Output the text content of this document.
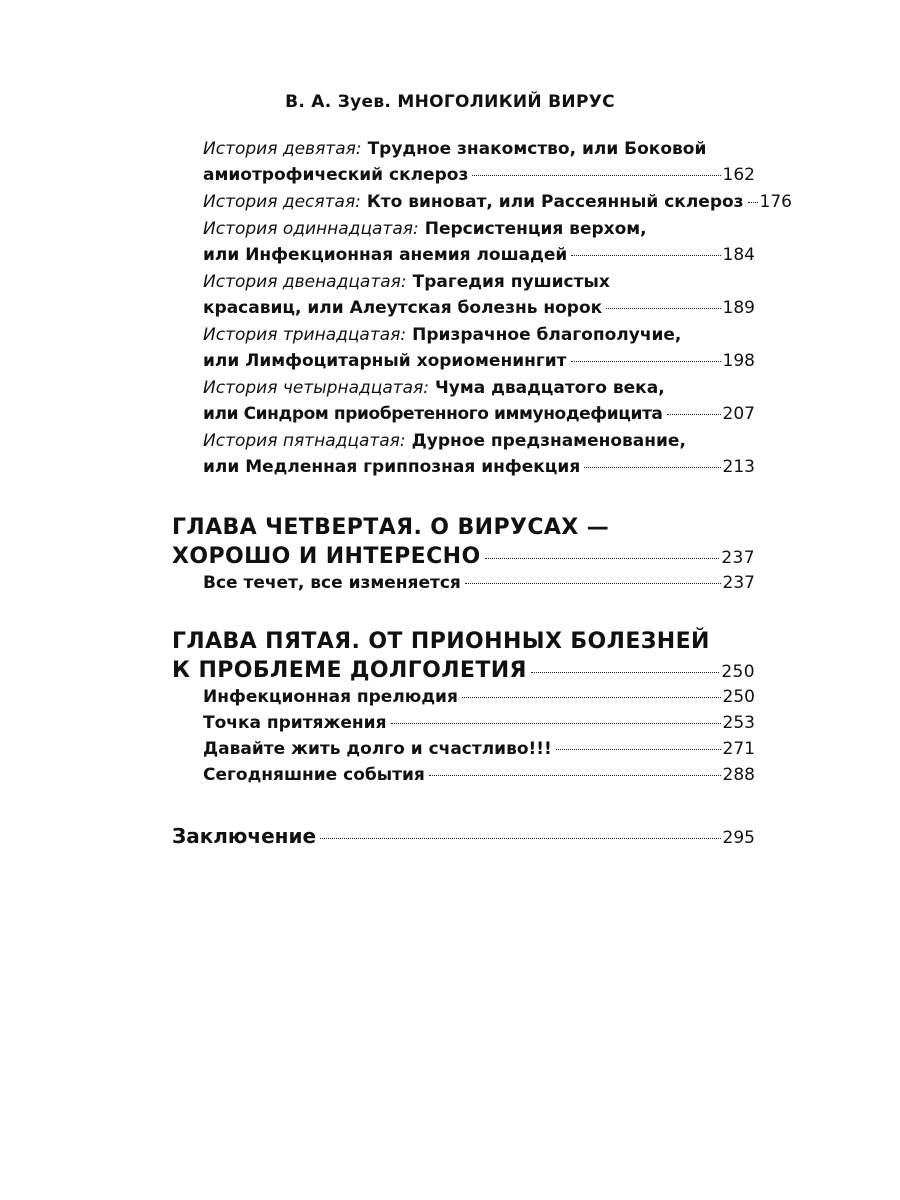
В. А. Зуев. МНОГОЛИКИЙ ВИРУС
История девятая: Трудное знакомство, или Боковой
амиотрофический склероз	162
История десятая: Кто виноват, или Рассеянный склероз 176
История одиннадцатая: Персистенция верхом,
или Инфекционная анемия лошадей	184
История двенадцатая: Трагедия пушистых
красавиц, или Алеутская болезнь норок	189
История тринадцатая: Призрачное благополучие,
или Лимфоцитарный хориоменингит	198
История четырнадцатая: Чума двадцатого века,
или Синдром приобретенного иммунодефицита	207
История пятнадцатая: Дурное предзнаменование,
или Медленная гриппозная инфекция	213
ГЛАВА ЧЕТВЕРТАЯ. О ВИРУСАХ —
ХОРОШО И ИНТЕРЕСНО	237
Все течет, все изменяется	237
ГЛАВА ПЯТАЯ. ОТ ПРИОННЫХ БОЛЕЗНЕЙ
К ПРОБЛЕМЕ ДОЛГОЛЕТИЯ	250
Инфекционная прелюдия	250
Точка притяжения	253
Давайте жить долго и счастливо!!!	271
Сегодняшние события	288
Заключение	295
